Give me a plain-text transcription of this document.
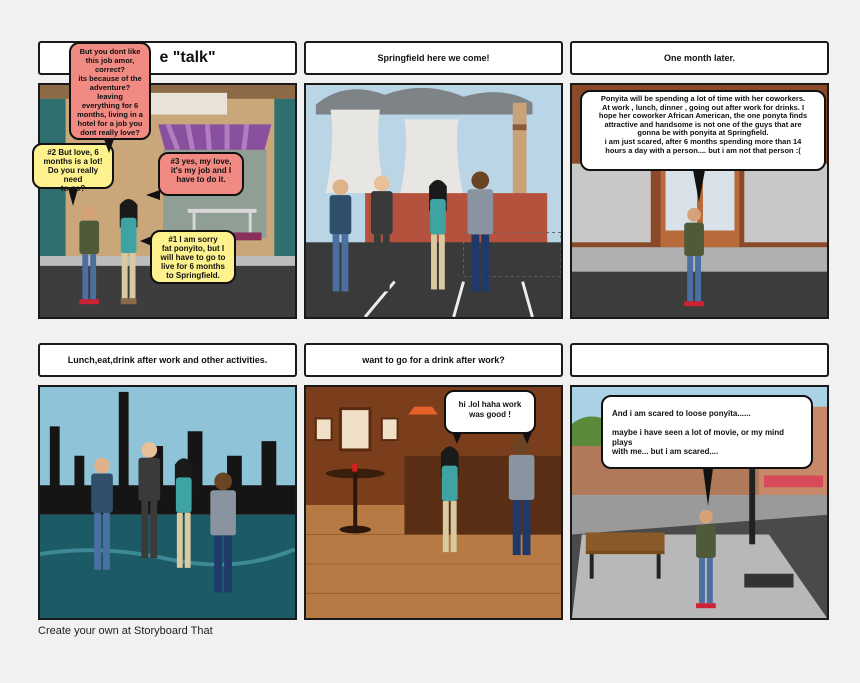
e "talk"	Springfield here we come!	One month later.
Lunch,eat,drink after work and other activities.	want to go for a drink after work?
But you dont like
this job amor,
correct?
its because of the
adventure?
leaving
everything for 6
months, living in a
hotel for a job you
dont really love?
#2 But love, 6
months is a lot!
Do you really need
to go?
#3 yes, my love,
it's my job and I
have to do it.
#1 I am sorry
fat ponyito, but I
will have to go to
live for 6 months
to Springfield.
Ponyita will be spending a lot of time with her coworkers.
At work , lunch, dinner , going out after work for drinks. I
hope her coworker African American, the one ponyta finds
attractive and handsome is not one of the guys that are
gonna be with ponyita at Springfield.
i am just scared, after 6 months spending more than 14
hours a day with a person.... but i am not that person :(
hi .lol haha work
was good !	And i am scared to loose ponyita......

maybe i have seen a lot of movie, or my mind plays
with me... but i am scared....
Create your own at Storyboard That
